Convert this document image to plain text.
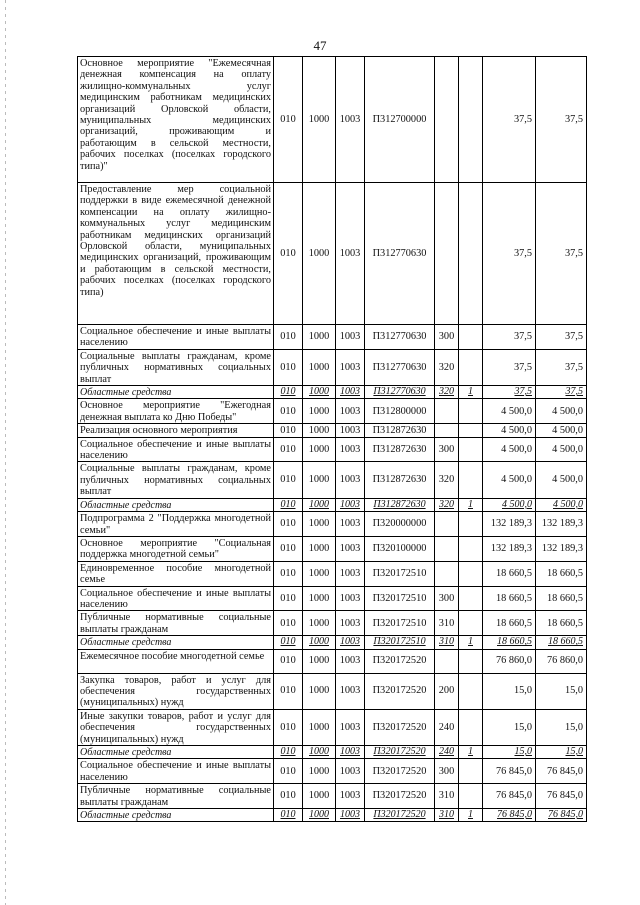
47
Основное мероприятие "Ежемесячная денежная компенсация на оплату жилищно-коммунальных услуг медицинским работникам медицинских организаций Орловской области, муниципальных медицинских организаций, проживающим и работающим в сельской местности, рабочих поселках (поселках городского типа)"	010	1000	1003	П312700000			37,5	37,5
Предоставление мер социальной поддержки в виде ежемесячной денежной компенсации на оплату жилищно-коммунальных услуг медицинским работникам медицинских организаций Орловской области, муниципальных медицинских организаций, проживающим и работающим в сельской местности, рабочих поселках (поселках городского типа)	010	1000	1003	П312770630			37,5	37,5
Социальное обеспечение и иные выплаты населению	010	1000	1003	П312770630	300		37,5	37,5
Социальные выплаты гражданам, кроме публичных нормативных социальных выплат	010	1000	1003	П312770630	320		37,5	37,5
Областные средства	010	1000	1003	П312770630	320	1	37,5	37,5
Основное мероприятие "Ежегодная денежная выплата ко Дню Победы"	010	1000	1003	П312800000			4 500,0	4 500,0
Реализация основного мероприятия	010	1000	1003	П312872630			4 500,0	4 500,0
Социальное обеспечение и иные выплаты населению	010	1000	1003	П312872630	300		4 500,0	4 500,0
Социальные выплаты гражданам, кроме публичных нормативных социальных выплат	010	1000	1003	П312872630	320		4 500,0	4 500,0
Областные средства	010	1000	1003	П312872630	320	1	4 500,0	4 500,0
Подпрограмма 2 "Поддержка многодетной семьи"	010	1000	1003	П320000000			132 189,3	132 189,3
Основное мероприятие "Социальная поддержка многодетной семьи"	010	1000	1003	П320100000			132 189,3	132 189,3
Единовременное пособие многодетной семье	010	1000	1003	П320172510			18 660,5	18 660,5
Социальное обеспечение и иные выплаты населению	010	1000	1003	П320172510	300		18 660,5	18 660,5
Публичные нормативные социальные выплаты гражданам	010	1000	1003	П320172510	310		18 660,5	18 660,5
Областные средства	010	1000	1003	П320172510	310	1	18 660,5	18 660,5
Ежемесячное пособие многодетной семье	010	1000	1003	П320172520			76 860,0	76 860,0
Закупка товаров, работ и услуг для обеспечения государственных (муниципальных) нужд	010	1000	1003	П320172520	200		15,0	15,0
Иные закупки товаров, работ и услуг для обеспечения государственных (муниципальных) нужд	010	1000	1003	П320172520	240		15,0	15,0
Областные средства	010	1000	1003	П320172520	240	1	15,0	15,0
Социальное обеспечение и иные выплаты населению	010	1000	1003	П320172520	300		76 845,0	76 845,0
Публичные нормативные социальные выплаты гражданам	010	1000	1003	П320172520	310		76 845,0	76 845,0
Областные средства	010	1000	1003	П320172520	310	1	76 845,0	76 845,0
